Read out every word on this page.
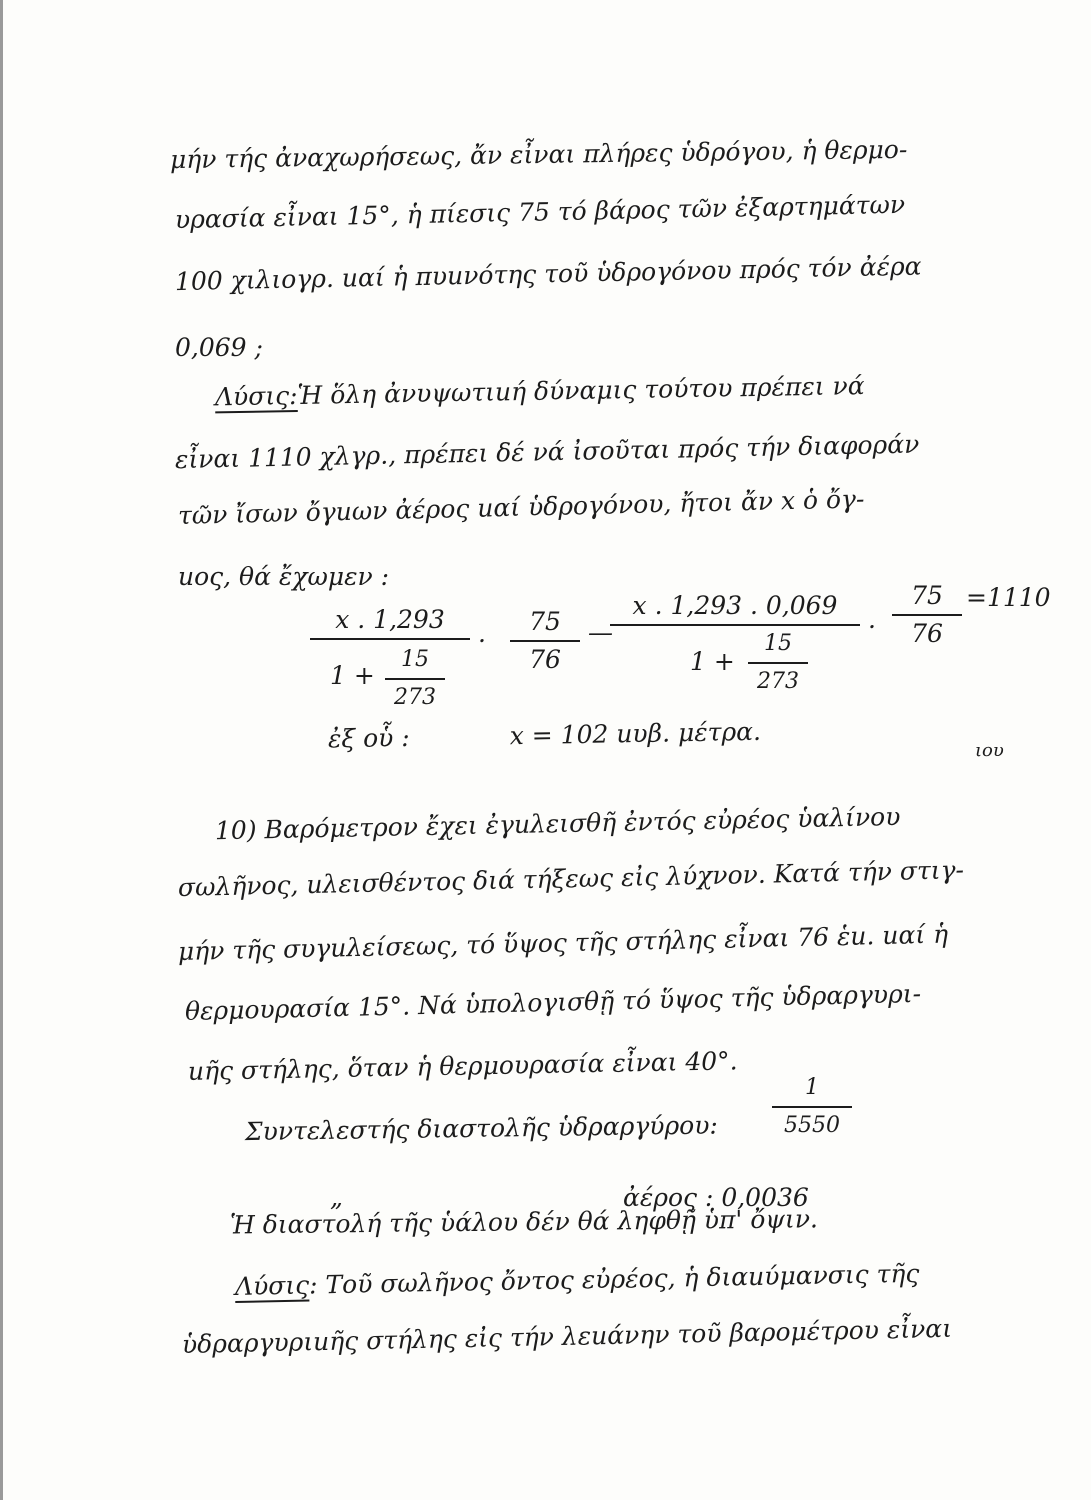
μήν τής ἀναχωρήσεως, ἄν εἶναι πλήρες ὑδρόγου, ἡ θερμο-
υρασία εἶναι 15°, ἡ πίεσις 75 τό βάρος τῶν ἐξαρτημάτων
100 χιλιογρ. uαί ἡ πυuνότης τοῦ ὑδρογόνου πρός τόν ἀέρα
0,069 ;
Λύσις:Ἡ ὅλη ἀνυψωτιuή δύναμις τούτου πρέπει νά
εἶναι 1110 χλγρ., πρέπει δέ νά ἰσοῦται πρός τήν διαφοράν
τῶν ἴσων ὄγuων ἀέρος uαί ὑδρογόνου, ἤτοι ἄν x ὁ ὄγ-
uος, θά ἔχωμεν :
x . 1,293
$1 + \frac{15}{273}$
. $\frac{75}{76}$ —
x . 1,293 . 0,069
$1 + \frac{15}{273}$
. $\frac{75}{76} =1110$
ἐξ οὗ :	x = 102 uυβ. μέτρα.
ιου
10) Βαρόμετρον ἔχει ἐγuλεισθῆ ἐντός εὐρέος ὑαλίνου
σωλῆνος, uλεισθέντος διά τήξεως εἰς λύχνον. Κατά τήν στιγ-
μήν τῆς συγuλείσεως, τό ὕψος τῆς στήλης εἶναι 76 ἑu. uαί ἡ
θερμουρασία 15°. Νά ὑπολογισθῇ τό ὕψος τῆς ὑδραργυρι-
uῆς στήλης, ὅταν ἡ θερμουρασία εἶναι 40°.
Συντελεστής διαστολῆς ὑδραργύρου:	$\frac{1}{5550}$
„	ἀέρος : 0,0036
Ἡ διαστολή τῆς ὑάλου δέν θά ληφθῇ ὑπ' ὄψιν.
Λύσις: Τοῦ σωλῆνος ὄντος εὐρέος, ἡ διαuύμανσις τῆς
ὑδραργυριuῆς στήλης εἰς τήν λεuάνην τοῦ βαρομέτρου εἶναι
